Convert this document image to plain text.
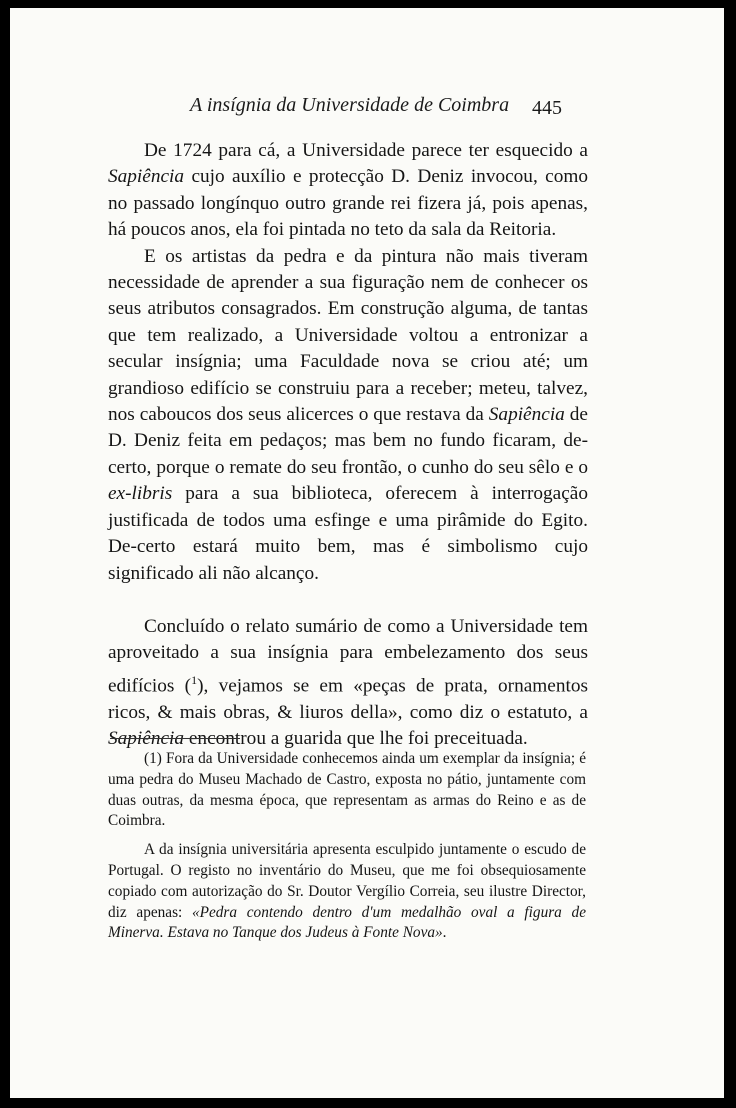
A insígnia da Universidade de Coimbra 445

De 1724 para cá, a Universidade parece ter esquecido a Sapiência cujo auxílio e protecção D. Deniz invocou, como no passado longínquo outro grande rei fizera já, pois apenas, há poucos anos, ela foi pintada no teto da sala da Reitoria.

E os artistas da pedra e da pintura não mais tiveram necessidade de aprender a sua figuração nem de conhecer os seus atributos consagrados. Em construção alguma, de tantas que tem realizado, a Universidade voltou a entronizar a secular insígnia; uma Faculdade nova se criou até; um grandioso edifício se construiu para a receber; meteu, talvez, nos caboucos dos seus alicerces o que restava da Sapiência de D. Deniz feita em pedaços; mas bem no fundo ficaram, de-certo, porque o remate do seu frontão, o cunho do seu sêlo e o ex-libris para a sua biblioteca, oferecem à interrogação justificada de todos uma esfinge e uma pirâmide do Egito. De-certo estará muito bem, mas é simbolismo cujo significado ali não alcanço.

Concluído o relato sumário de como a Universidade tem aproveitado a sua insígnia para embelezamento dos seus edifícios ($^1$), vejamos se em «peças de prata, ornamentos ricos, & mais obras, & liuros della», como diz o estatuto, a Sapiência encontrou a guarida que lhe foi preceituada.

(1) Fora da Universidade conhecemos ainda um exemplar da insígnia; é uma pedra do Museu Machado de Castro, exposta no pátio, juntamente com duas outras, da mesma época, que representam as armas do Reino e as de Coimbra.

A da insígnia universitária apresenta esculpido juntamente o escudo de Portugal. O registo no inventário do Museu, que me foi obsequiosamente copiado com autorização do Sr. Doutor Vergílio Correia, seu ilustre Director, diz apenas: «Pedra contendo dentro d'um medalhão oval a figura de Minerva. Estava no Tanque dos Judeus à Fonte Nova».
